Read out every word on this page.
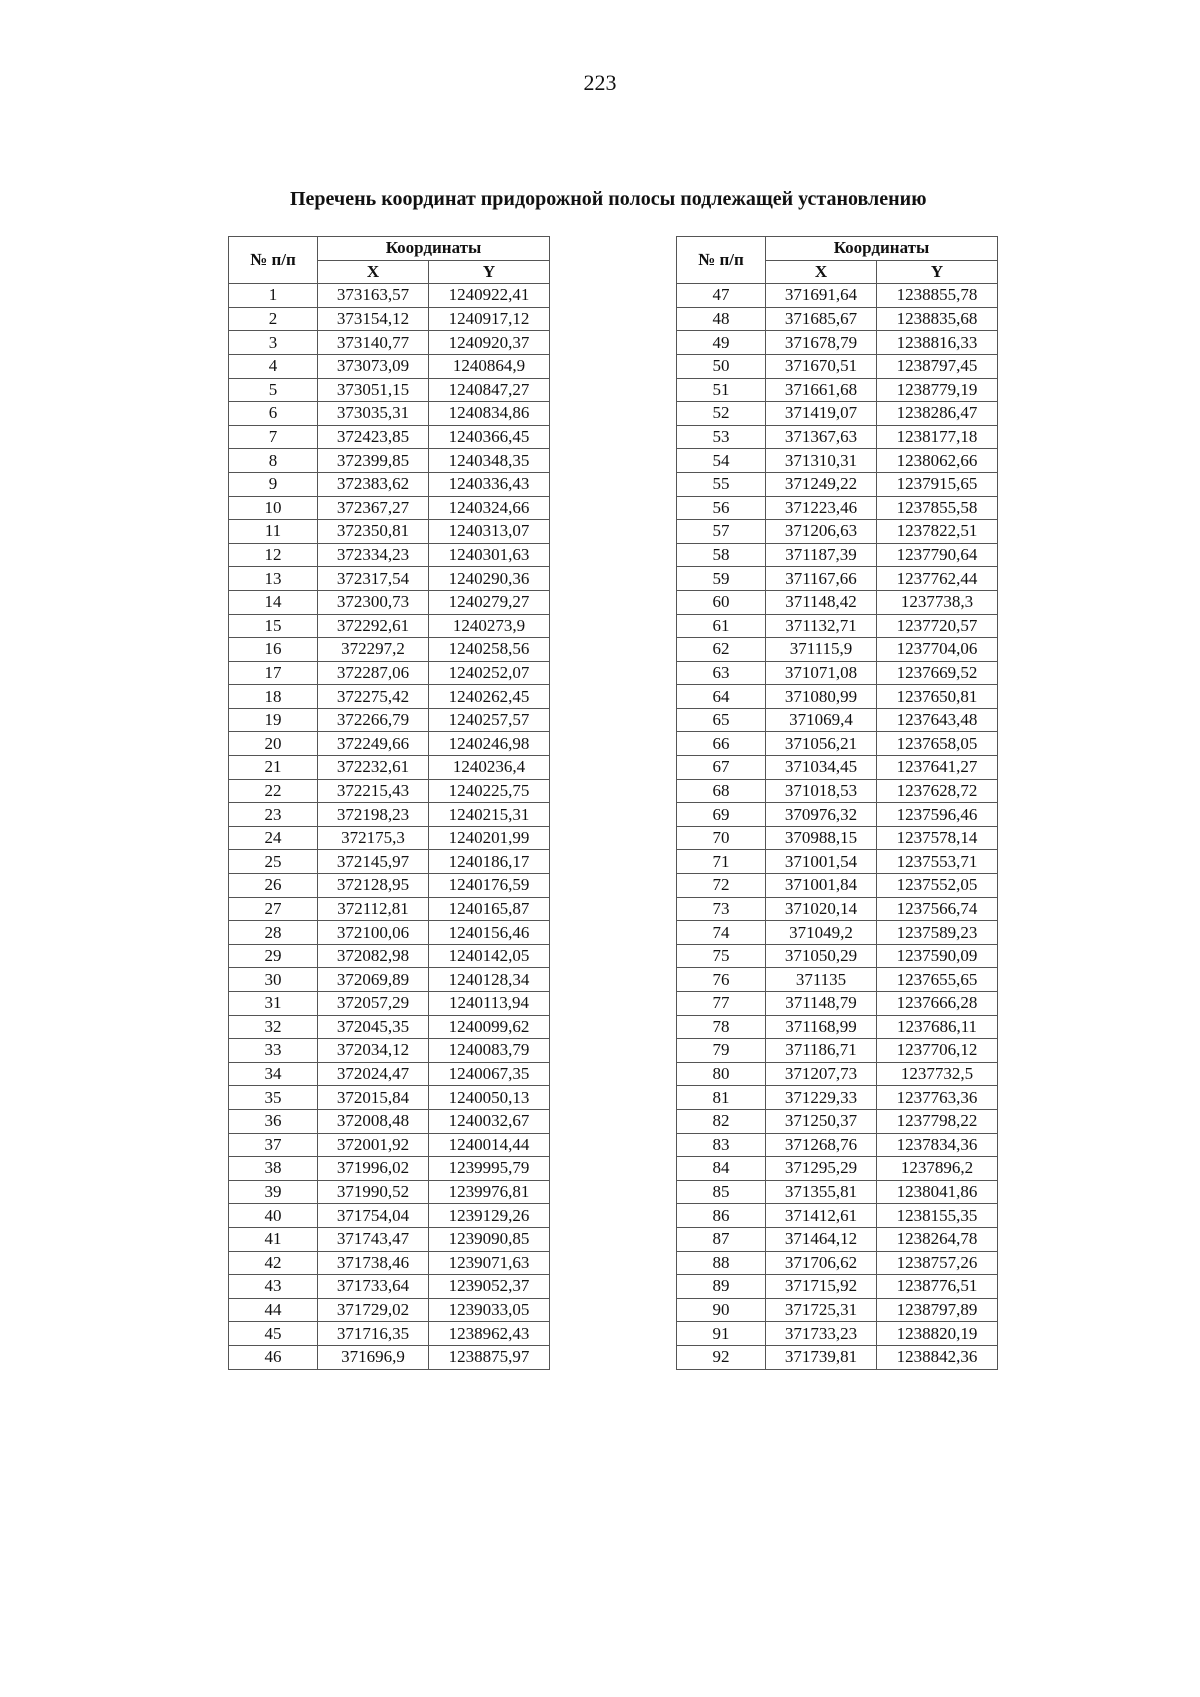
223
Перечень координат придорожной полосы подлежащей установлению
№ п/п	Координаты	
	X	Y
1	373163,57	1240922,41
2	373154,12	1240917,12
3	373140,77	1240920,37
4	373073,09	1240864,9
5	373051,15	1240847,27
6	373035,31	1240834,86
7	372423,85	1240366,45
8	372399,85	1240348,35
9	372383,62	1240336,43
10	372367,27	1240324,66
11	372350,81	1240313,07
12	372334,23	1240301,63
13	372317,54	1240290,36
14	372300,73	1240279,27
15	372292,61	1240273,9
16	372297,2	1240258,56
17	372287,06	1240252,07
18	372275,42	1240262,45
19	372266,79	1240257,57
20	372249,66	1240246,98
21	372232,61	1240236,4
22	372215,43	1240225,75
23	372198,23	1240215,31
24	372175,3	1240201,99
25	372145,97	1240186,17
26	372128,95	1240176,59
27	372112,81	1240165,87
28	372100,06	1240156,46
29	372082,98	1240142,05
30	372069,89	1240128,34
31	372057,29	1240113,94
32	372045,35	1240099,62
33	372034,12	1240083,79
34	372024,47	1240067,35
35	372015,84	1240050,13
36	372008,48	1240032,67
37	372001,92	1240014,44
38	371996,02	1239995,79
39	371990,52	1239976,81
40	371754,04	1239129,26
41	371743,47	1239090,85
42	371738,46	1239071,63
43	371733,64	1239052,37
44	371729,02	1239033,05
45	371716,35	1238962,43
46	371696,9	1238875,97
№ п/п	Координаты	
	X	Y
47	371691,64	1238855,78
48	371685,67	1238835,68
49	371678,79	1238816,33
50	371670,51	1238797,45
51	371661,68	1238779,19
52	371419,07	1238286,47
53	371367,63	1238177,18
54	371310,31	1238062,66
55	371249,22	1237915,65
56	371223,46	1237855,58
57	371206,63	1237822,51
58	371187,39	1237790,64
59	371167,66	1237762,44
60	371148,42	1237738,3
61	371132,71	1237720,57
62	371115,9	1237704,06
63	371071,08	1237669,52
64	371080,99	1237650,81
65	371069,4	1237643,48
66	371056,21	1237658,05
67	371034,45	1237641,27
68	371018,53	1237628,72
69	370976,32	1237596,46
70	370988,15	1237578,14
71	371001,54	1237553,71
72	371001,84	1237552,05
73	371020,14	1237566,74
74	371049,2	1237589,23
75	371050,29	1237590,09
76	371135	1237655,65
77	371148,79	1237666,28
78	371168,99	1237686,11
79	371186,71	1237706,12
80	371207,73	1237732,5
81	371229,33	1237763,36
82	371250,37	1237798,22
83	371268,76	1237834,36
84	371295,29	1237896,2
85	371355,81	1238041,86
86	371412,61	1238155,35
87	371464,12	1238264,78
88	371706,62	1238757,26
89	371715,92	1238776,51
90	371725,31	1238797,89
91	371733,23	1238820,19
92	371739,81	1238842,36
